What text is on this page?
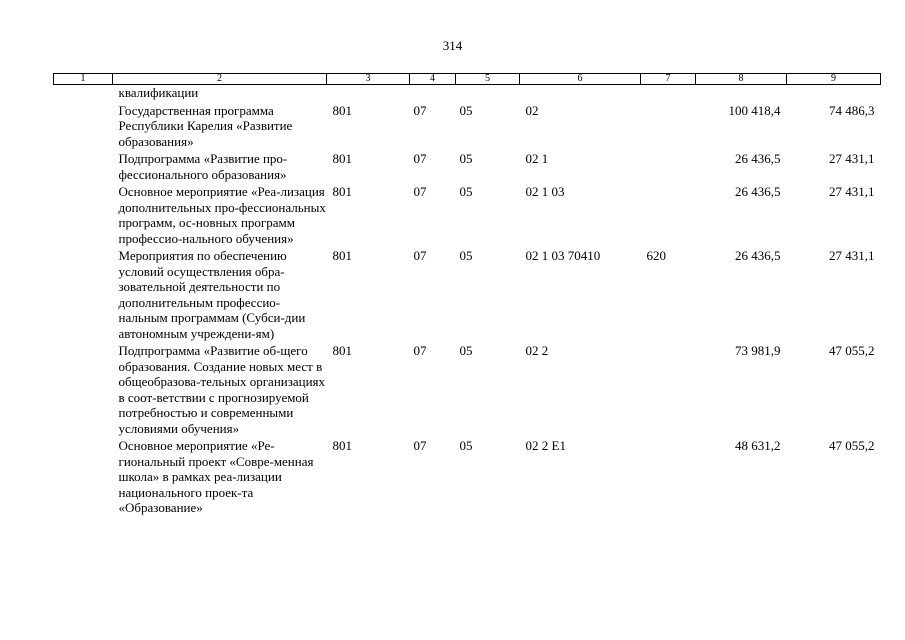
314
1	2	3	4	5	6	7	8	9
	квалификации							
	Государственная программа Республики Карелия «Развитие образования»	801	07	05	02		100 418,4	74 486,3
	Подпрограмма «Развитие про-фессионального образования»	801	07	05	02 1		26 436,5	27 431,1
	Основное мероприятие «Реа-лизация дополнительных про-фессиональных программ, ос-новных программ профессио-нального обучения»	801	07	05	02 1 03		26 436,5	27 431,1
	Мероприятия по обеспечению условий осуществления обра-зовательной деятельности по дополнительным профессио-нальным программам (Субси-дии автономным учреждени-ям)	801	07	05	02 1 03 70410	620	26 436,5	27 431,1
	Подпрограмма «Развитие об-щего образования. Создание новых мест в общеобразова-тельных организациях в соот-ветствии с прогнозируемой потребностью и современными условиями обучения»	801	07	05	02 2		73 981,9	47 055,2
	Основное мероприятие «Ре-гиональный проект «Совре-менная школа» в рамках реа-лизации национального проек-та «Образование»	801	07	05	02 2 E1		48 631,2	47 055,2
